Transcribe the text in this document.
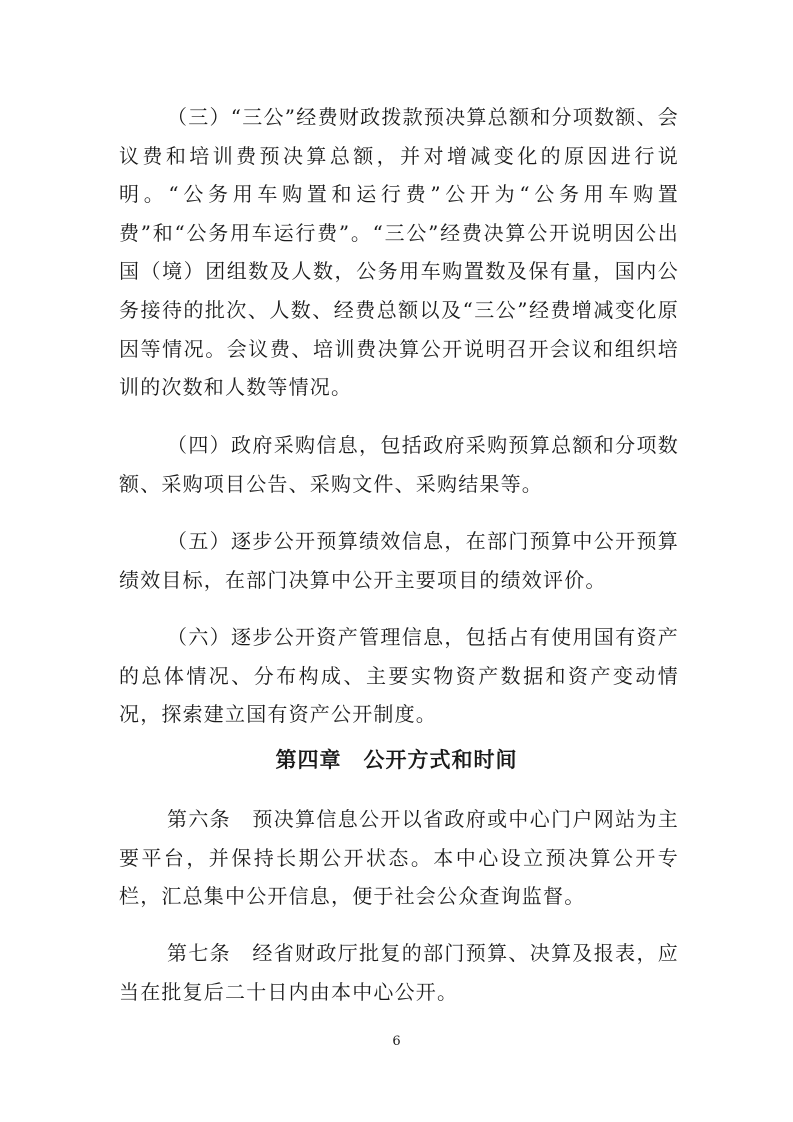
（三）“三公”经费财政拨款预决算总额和分项数额、会议费和培训费预决算总额，并对增减变化的原因进行说明。“公务用车购置和运行费”公开为“公务用车购置费”和“公务用车运行费”。“三公”经费决算公开说明因公出国（境）团组数及人数，公务用车购置数及保有量，国内公务接待的批次、人数、经费总额以及“三公”经费增减变化原因等情况。会议费、培训费决算公开说明召开会议和组织培训的次数和人数等情况。

（四）政府采购信息，包括政府采购预算总额和分项数额、采购项目公告、采购文件、采购结果等。

（五）逐步公开预算绩效信息，在部门预算中公开预算绩效目标，在部门决算中公开主要项目的绩效评价。

（六）逐步公开资产管理信息，包括占有使用国有资产的总体情况、分布构成、主要实物资产数据和资产变动情况，探索建立国有资产公开制度。

第四章 公开方式和时间

第六条　预决算信息公开以省政府或中心门户网站为主要平台，并保持长期公开状态。本中心设立预决算公开专栏，汇总集中公开信息，便于社会公众查询监督。

第七条　经省财政厅批复的部门预算、决算及报表，应当在批复后二十日内由本中心公开。

6
